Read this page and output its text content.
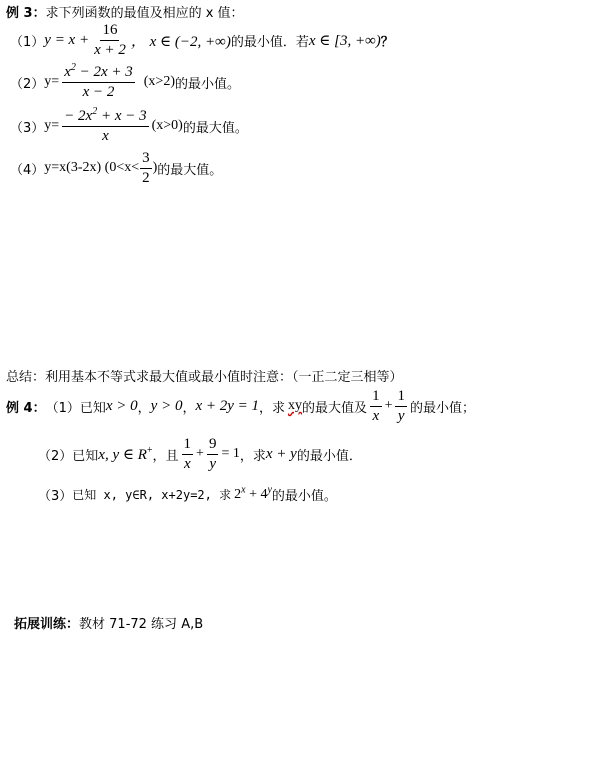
例 3： 求下列函数的最值及相应的 x 值：
（1） $y = x + \frac{16}{x + 2}$ ， x ∈ (−2, +∞) 的最小值．若 x ∈ [3, +∞) ？
（2） $y= \frac{x^2 - 2x + 3}{x - 2} (x>2)$ 的最小值。
（3） $y= \frac{- 2x^2 + x - 3}{x} (x>0)$ 的最大值。
（4） y=x(3-2x) ($0<x< \frac{3}{2}$ ) 的最大值。
总结： 利用基本不等式求最大值或最小值时注意：（一正二定三相等）
例 4： （1） 已知 x > 0 ， y > 0 ， x + 2y = 1 ，求 xy 的最大值及 $\frac{1}{x} + \frac{1}{y}$ 的最小值；
（2） 已知 x, y ∈ R+ ，且 $\frac{1}{x} + \frac{9}{y} = 1$ ，求 x + y 的最小值．
（3） 已知 x, y∈R, x+2y=2, 求 $2^x + 4^y$ 的最小值。
拓展训练： 教材 71-72 练习 A,B
